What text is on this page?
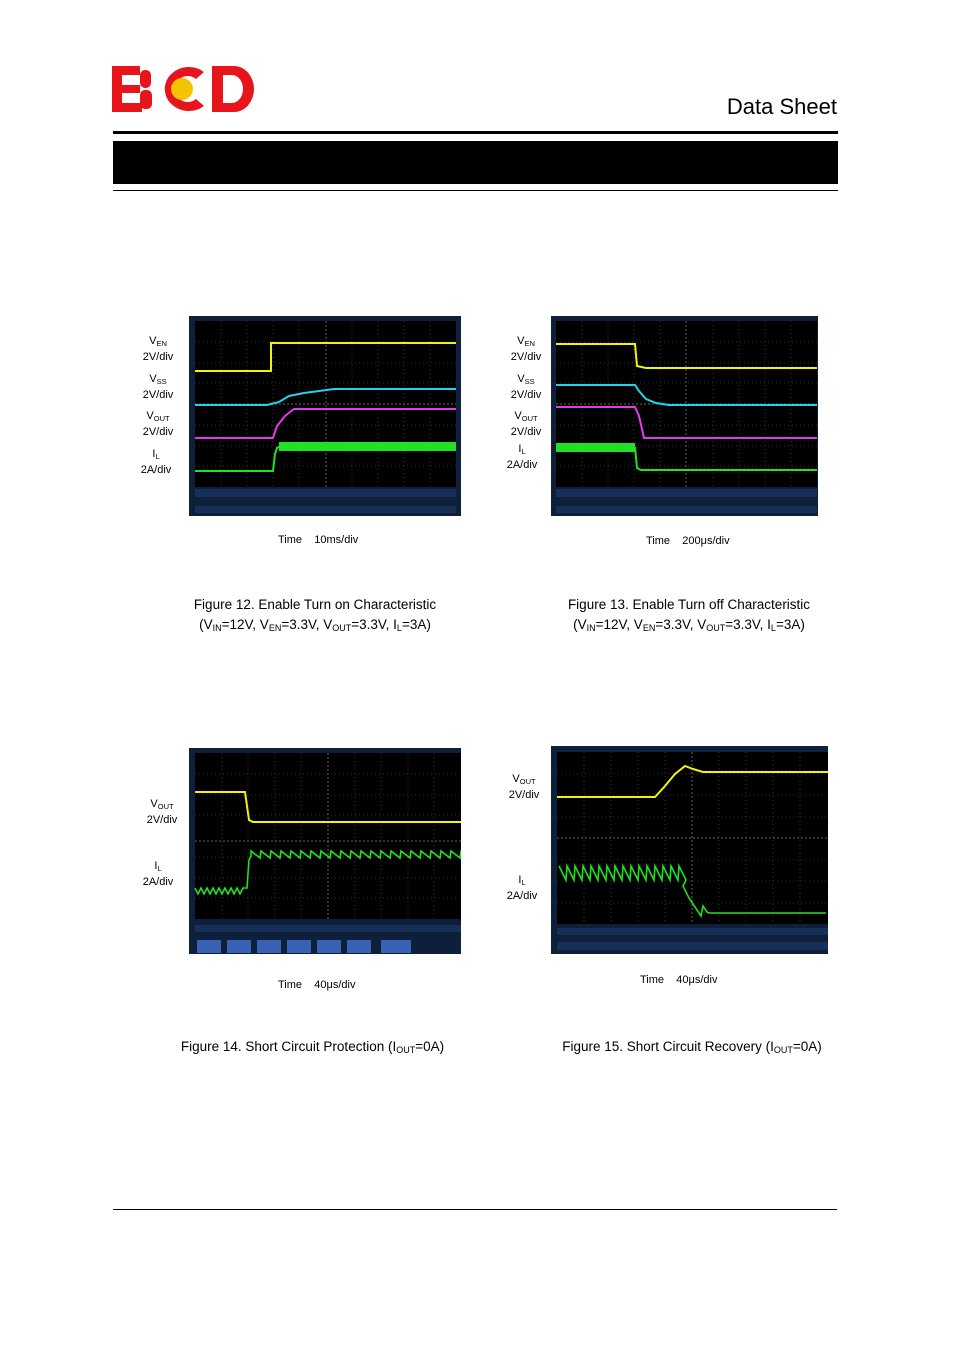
Data Sheet
$V_{EN}$
2V/div
$V_{SS}$
2V/div
$V_{OUT}$
2V/div
$I_L$
2A/div
Time 10ms/div
Figure 12. Enable Turn on Characteristic
($V_{IN}=12V$, $V_{EN}=3.3V$, $V_{OUT}=3.3V$, $I_L=3A$)
$V_{EN}$
2V/div
$V_{SS}$
2V/div
$V_{OUT}$
2V/div
$I_L$
2A/div
Time 200μs/div
Figure 13. Enable Turn off Characteristic
($V_{IN}=12V$, $V_{EN}=3.3V$, $V_{OUT}=3.3V$, $I_L=3A$)
$V_{OUT}$
2V/div
$I_L$
2A/div
Time 40μs/div
Figure 14. Short Circuit Protection $(I_{OUT}=0A)$
$V_{OUT}$
2V/div
$I_L$
2A/div
Time 40μs/div
Figure 15. Short Circuit Recovery $(I_{OUT}=0A)$
